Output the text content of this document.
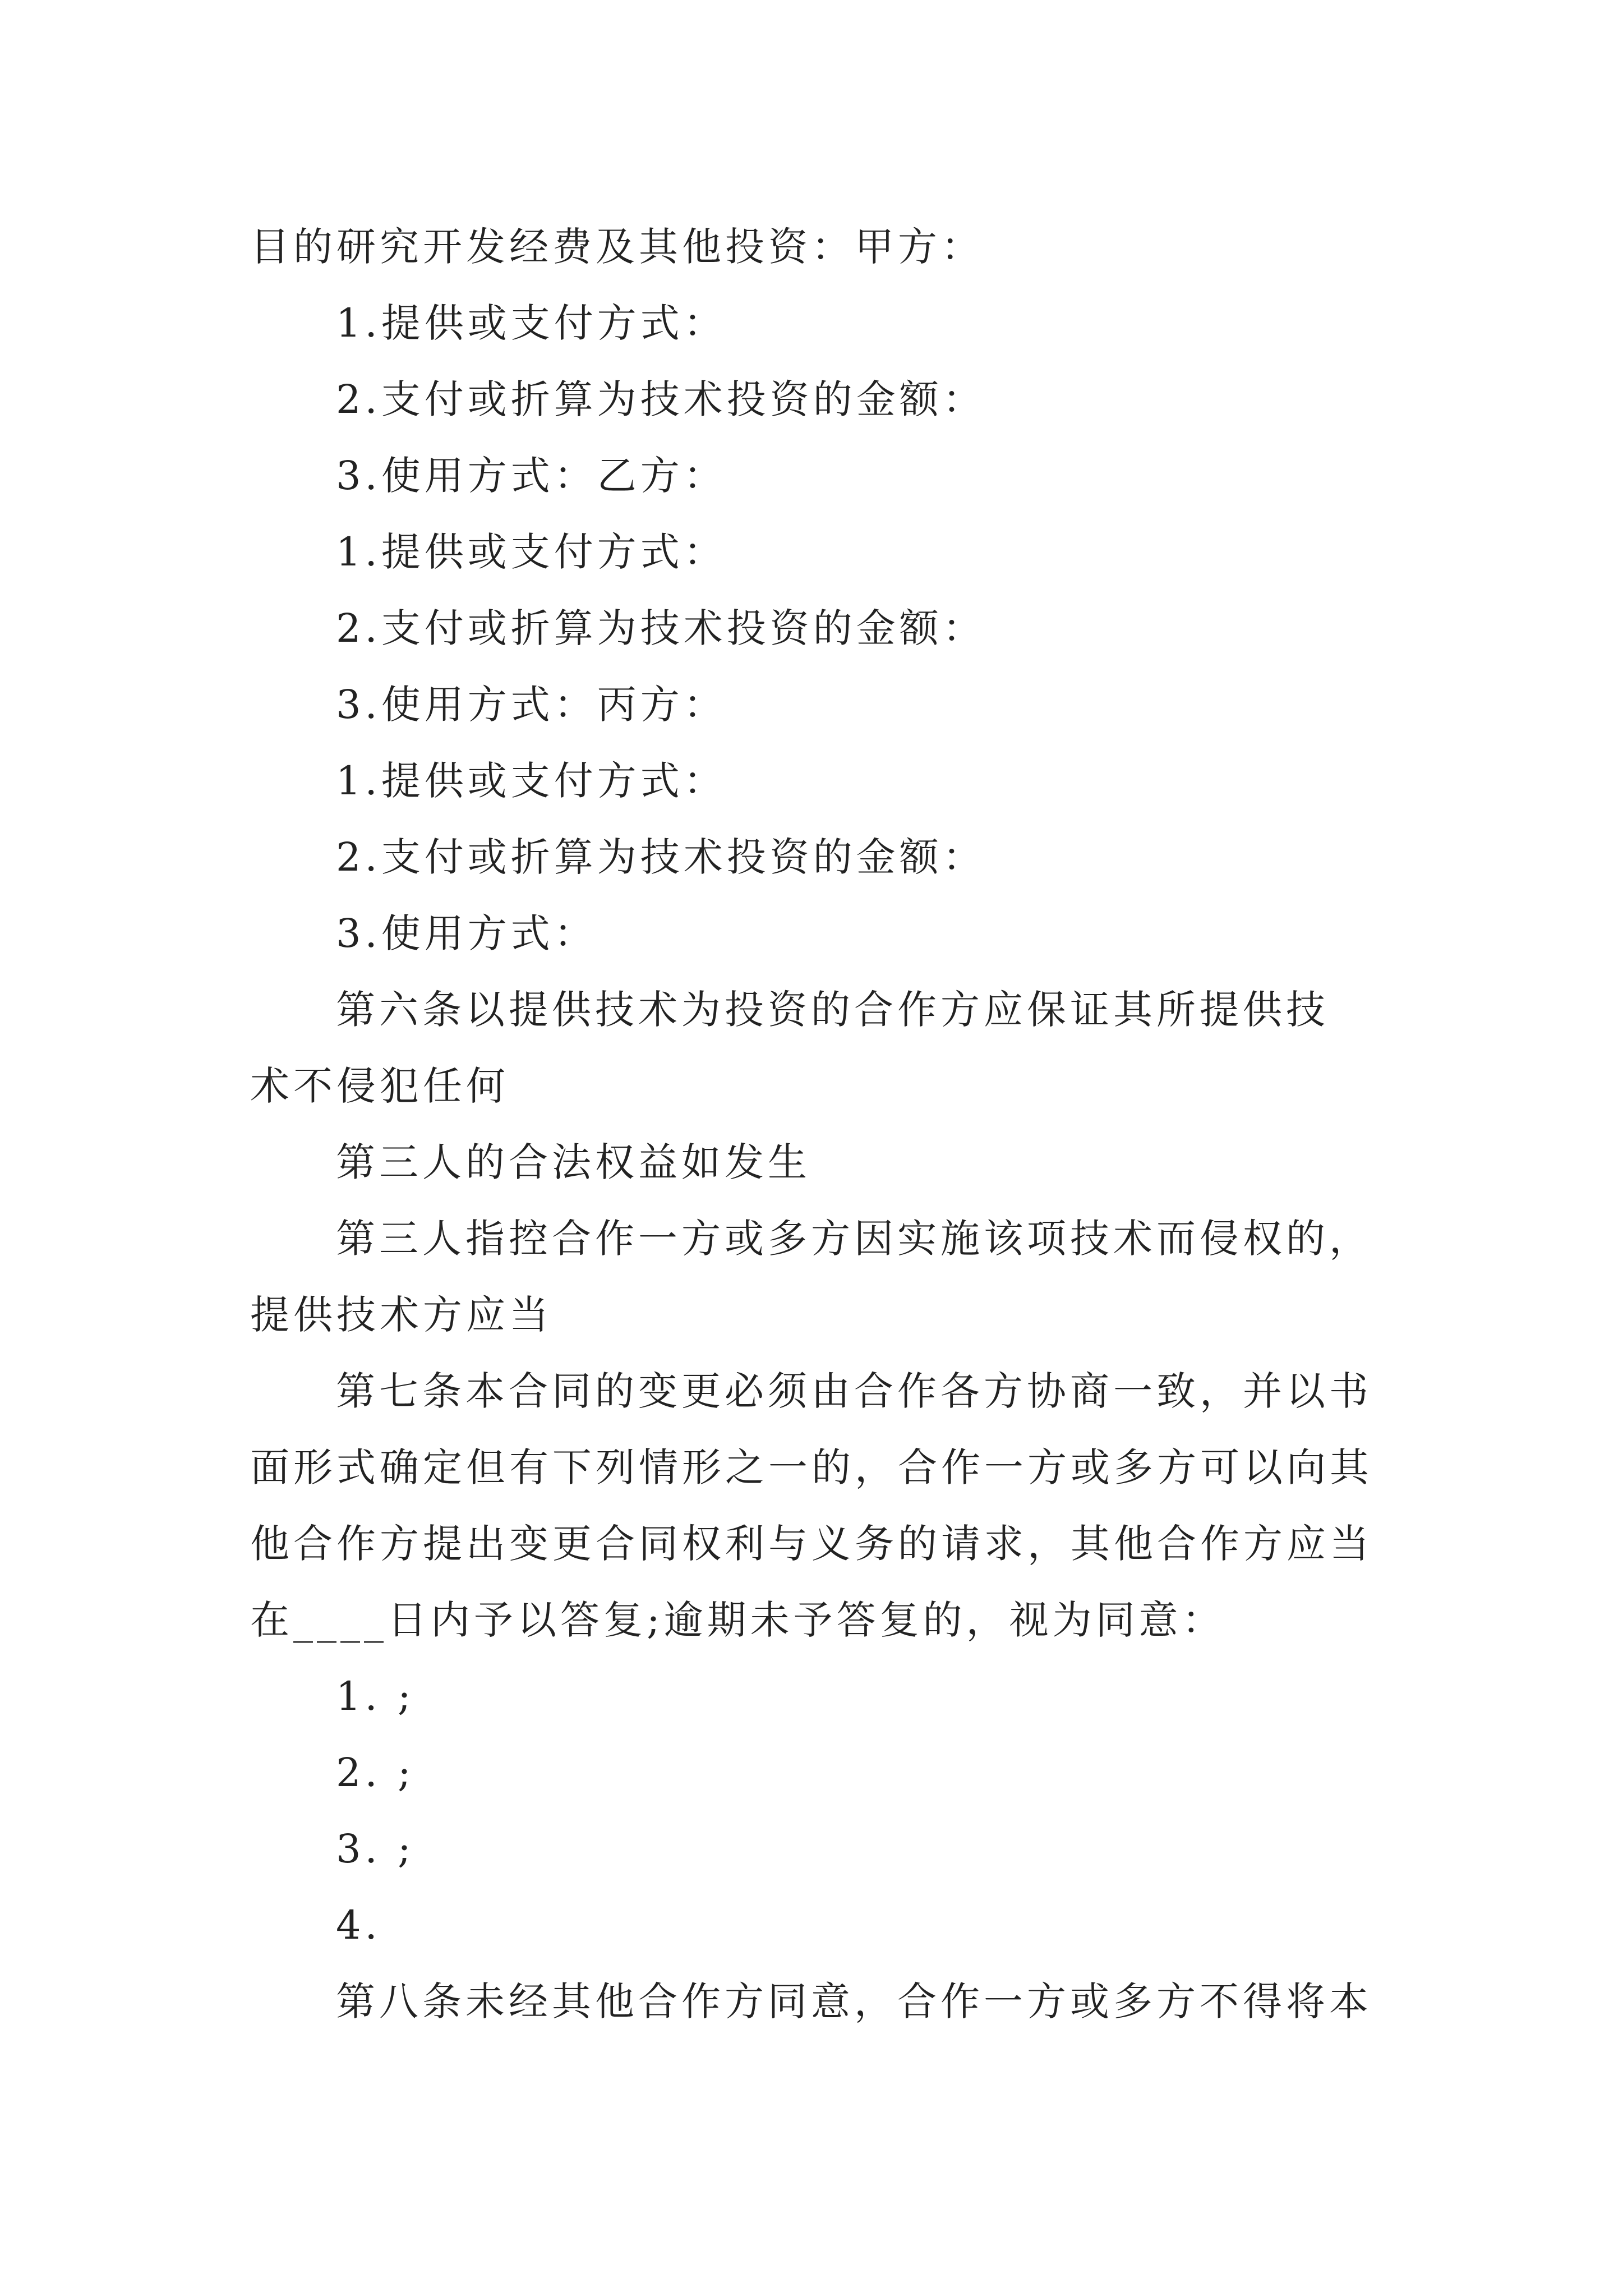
目的研究开发经费及其他投资：甲方：
1.提供或支付方式：
2.支付或折算为技术投资的金额：
3.使用方式：乙方：
1.提供或支付方式：
2.支付或折算为技术投资的金额：
3.使用方式：丙方：
1.提供或支付方式：
2.支付或折算为技术投资的金额：
3.使用方式：
第六条以提供技术为投资的合作方应保证其所提供技
术不侵犯任何
第三人的合法权益如发生
第三人指控合作一方或多方因实施该项技术而侵权的，
提供技术方应当
第七条本合同的变更必须由合作各方协商一致，并以书
面形式确定但有下列情形之一的，合作一方或多方可以向其
他合作方提出变更合同权利与义务的请求，其他合作方应当
在____日内予以答复;逾期未予答复的，视为同意：
1. ;
2. ;
3. ;
4.
第八条未经其他合作方同意，合作一方或多方不得将本
